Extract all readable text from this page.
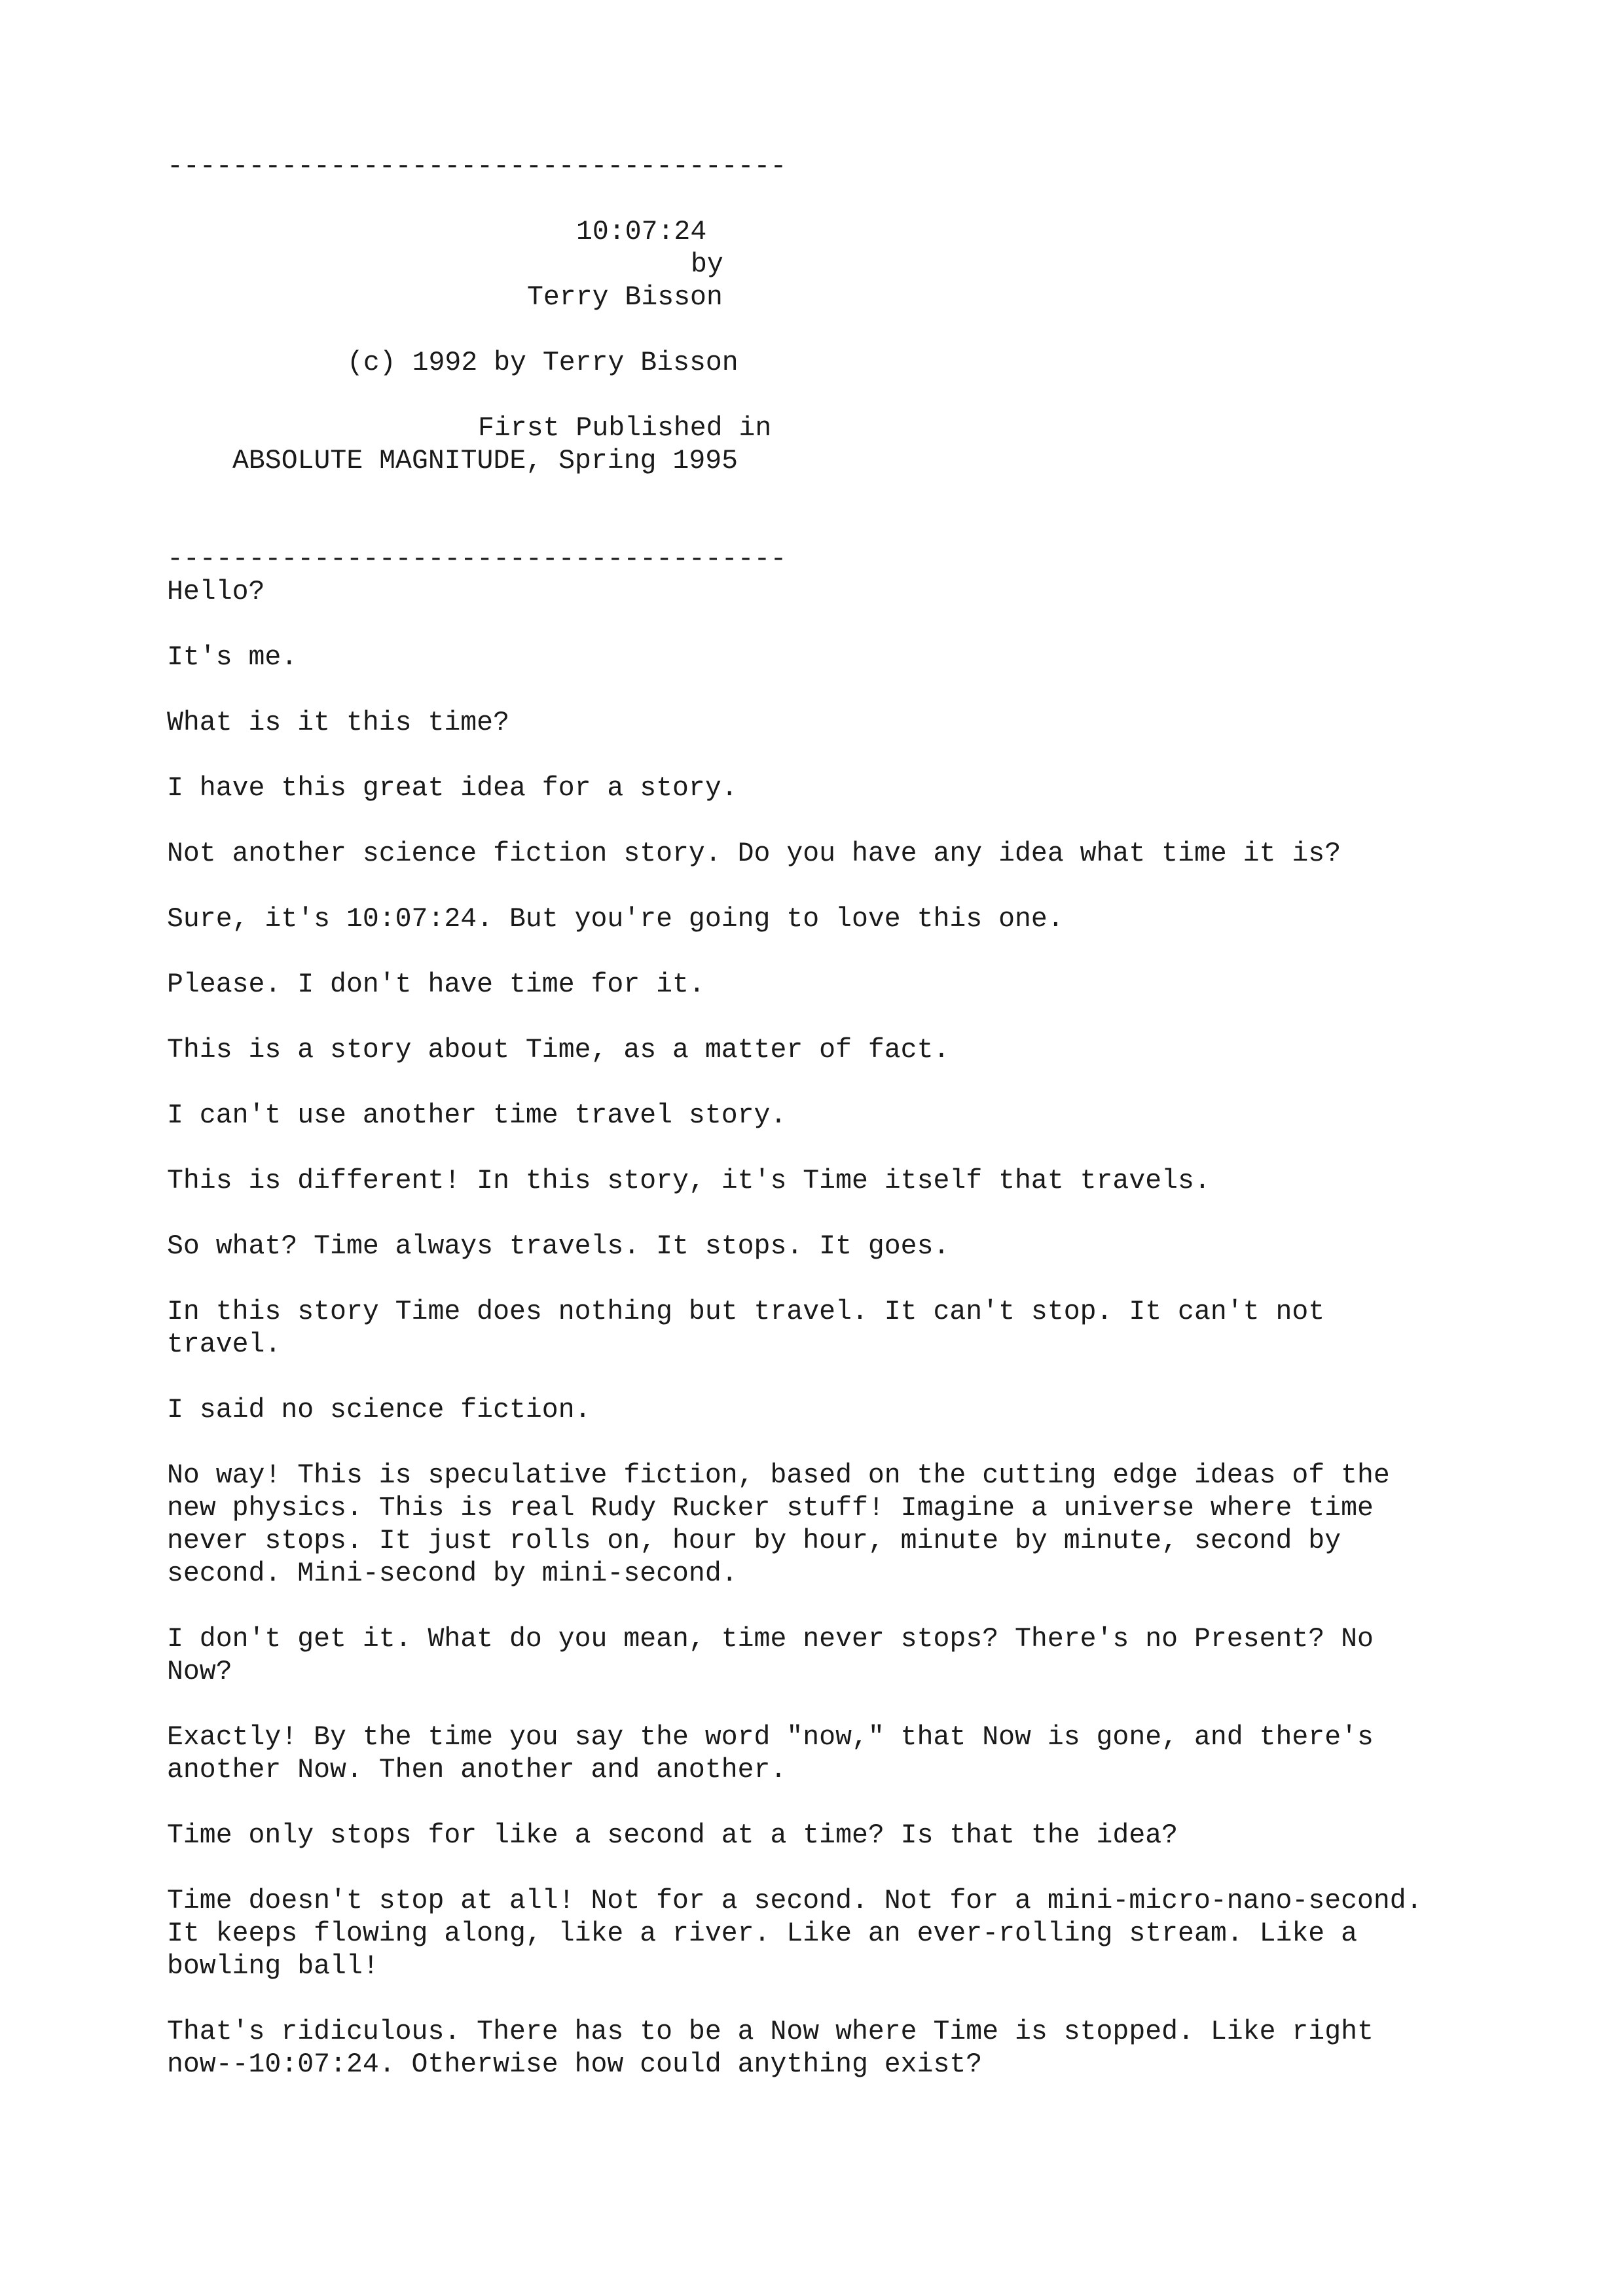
--------------------------------------
10:07:24
by
Terry Bisson
(c) 1992 by Terry Bisson
First Published in
ABSOLUTE MAGNITUDE, Spring 1995
--------------------------------------
Hello?
It's me.
What is it this time?
I have this great idea for a story.
Not another science fiction story. Do you have any idea what time it is?
Sure, it's 10:07:24. But you're going to love this one.
Please. I don't have time for it.
This is a story about Time, as a matter of fact.
I can't use another time travel story.
This is different! In this story, it's Time itself that travels.
So what? Time always travels. It stops. It goes.
In this story Time does nothing but travel. It can't stop. It can't not
travel.
I said no science fiction.
No way! This is speculative fiction, based on the cutting edge ideas of the
new physics. This is real Rudy Rucker stuff! Imagine a universe where time
never stops. It just rolls on, hour by hour, minute by minute, second by
second. Mini-second by mini-second.
I don't get it. What do you mean, time never stops? There's no Present? No
Now?
Exactly! By the time you say the word "now," that Now is gone, and there's
another Now. Then another and another.
Time only stops for like a second at a time? Is that the idea?
Time doesn't stop at all! Not for a second. Not for a mini-micro-nano-second.
It keeps flowing along, like a river. Like an ever-rolling stream. Like a
bowling ball!
That's ridiculous. There has to be a Now where Time is stopped. Like right
now--10:07:24. Otherwise how could anything exist?
